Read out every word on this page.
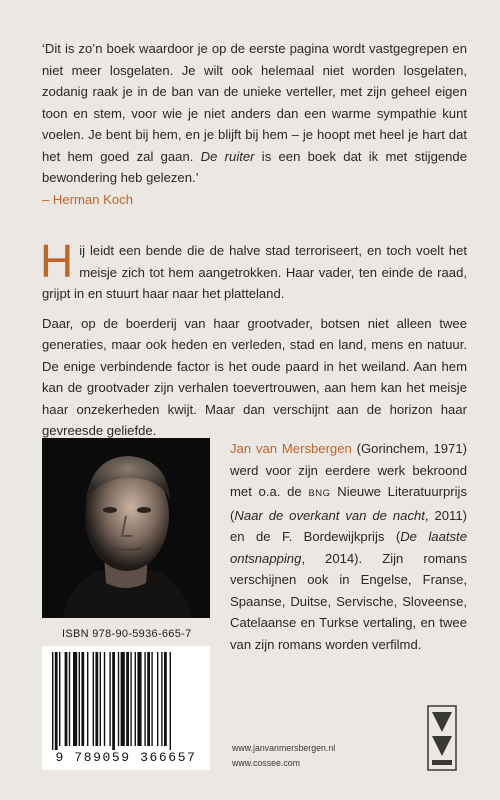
‘Dit is zo’n boek waardoor je op de eerste pagina wordt vastgegrepen en niet meer losgelaten. Je wilt ook helemaal niet worden losgelaten, zodanig raak je in de ban van de unieke verteller, met zijn geheel eigen toon en stem, voor wie je niet anders dan een warme sympathie kunt voelen. Je bent bij hem, en je blijft bij hem – je hoopt met heel je hart dat het hem goed zal gaan. De ruiter is een boek dat ik met stijgende bewondering heb gelezen.’
– Herman Koch

Hij leidt een bende die de halve stad terroriseert, en toch voelt het meisje zich tot hem aangetrokken. Haar vader, ten einde de raad, grijpt in en stuurt haar naar het platteland.

Daar, op de boerderij van haar grootvader, botsen niet alleen twee generaties, maar ook heden en verleden, stad en land, mens en natuur. De enige verbindende factor is het oude paard in het weiland. Aan hem kan de grootvader zijn verhalen toevertrouwen, aan hem kan het meisje haar onzekerheden kwijt. Maar dan verschijnt aan de horizon haar gevreesde geliefde.

Jan van Mersbergen (Gorinchem, 1971) werd voor zijn eerdere werk bekroond met o.a. de BNG Nieuwe Literatuurprijs (Naar de overkant van de nacht, 2011) en de F. Bordewijkprijs (De laatste ontsnapping, 2014). Zijn romans verschijnen ook in Engelse, Franse, Spaanse, Duitse, Servische, Sloveense, Catelaanse en Turkse vertaling, en twee van zijn romans worden verfilmd.
ISBN 978-90-5936-665-7
9 789059 366657
www.janvanmersbergen.nl
www.cossee.com
